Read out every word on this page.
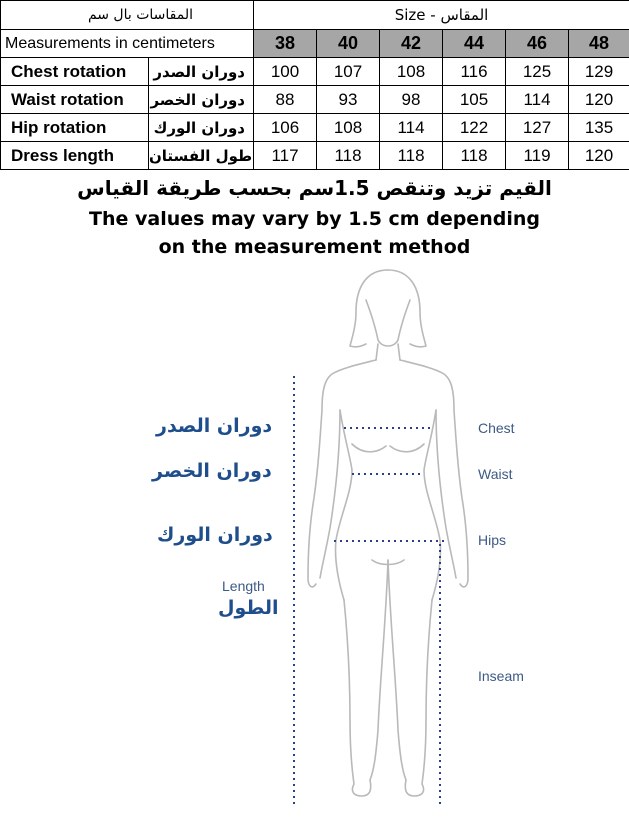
المقاسات بال سم		Size - المقاس					
Measurements in centimeters		38	40	42	44	46	48
Chest rotation	دوران الصدر	100	107	108	116	125	129
Waist rotation	دوران الخصر	88	93	98	105	114	120
Hip rotation	دوران الورك	106	108	114	122	127	135
Dress length	طول الفستان	117	118	118	118	119	120
القيم تزيد وتنقص 1.5سم بحسب طريقة القياس
The values may vary by 1.5 cm depending
on the measurement method
دوران الصدر
دوران الخصر
دوران الورك
Length
الطول
Chest
Waist
Hips
Inseam
